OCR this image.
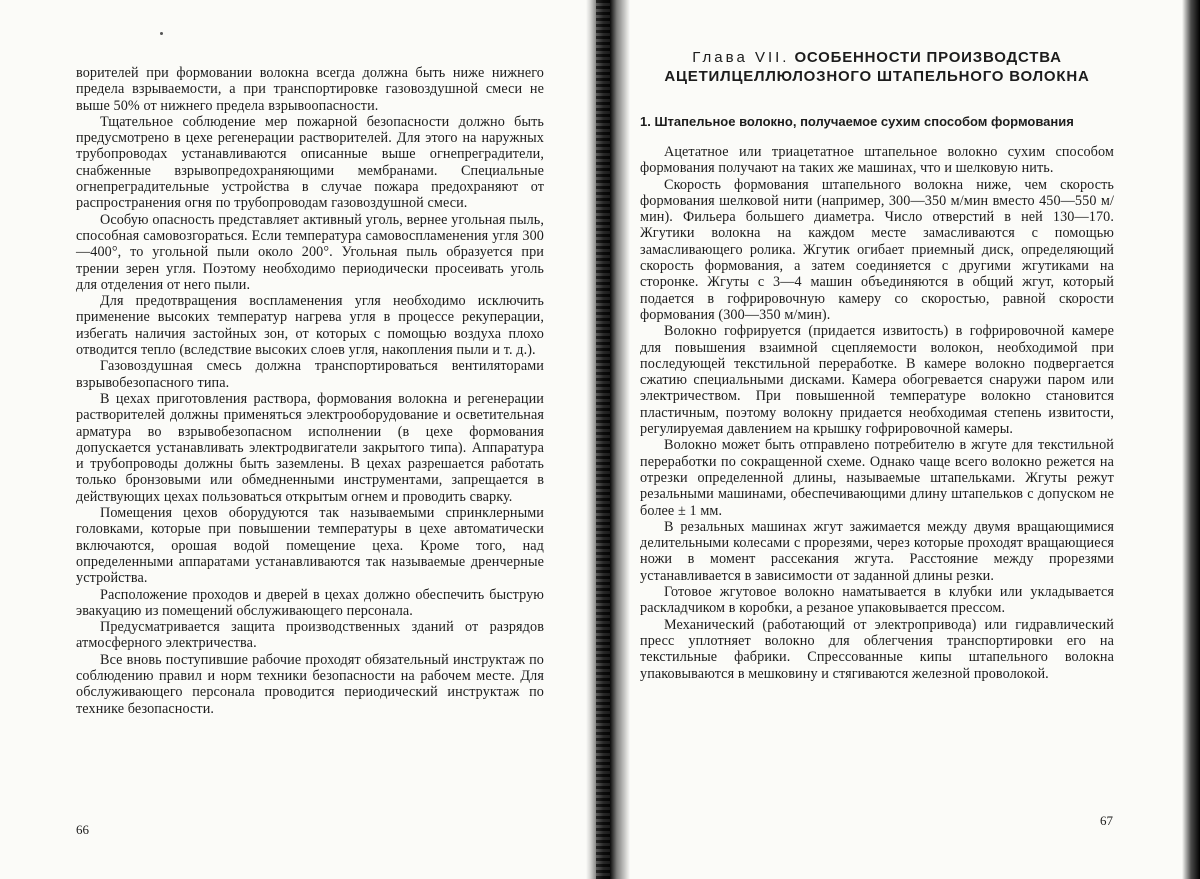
ворителей при формовании волокна всегда должна быть ниже нижнего предела взрываемости, а при транспортировке газовоздушной смеси не выше 50% от нижнего предела взрывоопасности.

Тщательное соблюдение мер пожарной безопасности должно быть предусмотрено в цехе регенерации растворителей. Для этого на наружных трубопроводах устанавливаются описанные выше огнепреградители, снабженные взрывопредохраняющими мембранами. Специальные огнепреградительные устройства в случае пожара предохраняют от распространения огня по трубопроводам газовоздушной смеси.

Особую опасность представляет активный уголь, вернее угольная пыль, способная самовозгораться. Если температура самовоспламенения угля 300—400°, то угольной пыли около 200°. Угольная пыль образуется при трении зерен угля. Поэтому необходимо периодически просеивать уголь для отделения от него пыли.

Для предотвращения воспламенения угля необходимо исключить применение высоких температур нагрева угля в процессе рекуперации, избегать наличия застойных зон, от которых с помощью воздуха плохо отводится тепло (вследствие высоких слоев угля, накопления пыли и т. д.).

Газовоздушная смесь должна транспортироваться вентиляторами взрывобезопасного типа.

В цехах приготовления раствора, формования волокна и регенерации растворителей должны применяться электрооборудование и осветительная арматура во взрывобезопасном исполнении (в цехе формования допускается устанавливать электродвигатели закрытого типа). Аппаратура и трубопроводы должны быть заземлены. В цехах разрешается работать только бронзовыми или обмедненными инструментами, запрещается в действующих цехах пользоваться открытым огнем и проводить сварку.

Помещения цехов оборудуются так называемыми спринклерными головками, которые при повышении температуры в цехе автоматически включаются, орошая водой помещение цеха. Кроме того, над определенными аппаратами устанавливаются так называемые дренчерные устройства.

Расположение проходов и дверей в цехах должно обеспечить быструю эвакуацию из помещений обслуживающего персонала.

Предусматривается защита производственных зданий от разрядов атмосферного электричества.

Все вновь поступившие рабочие проходят обязательный инструктаж по соблюдению правил и норм техники безопасности на рабочем месте. Для обслуживающего персонала проводится периодический инструктаж по технике безопасности.

66
Глава VII. ОСОБЕННОСТИ ПРОИЗВОДСТВА
АЦЕТИЛЦЕЛЛЮЛОЗНОГО ШТАПЕЛЬНОГО ВОЛОКНА
1. Штапельное волокно, получаемое сухим способом формования

Ацетатное или триацетатное штапельное волокно сухим способом формования получают на таких же машинах, что и шелковую нить.

Скорость формования штапельного волокна ниже, чем скорость формования шелковой нити (например, 300—350 м/мин вместо 450—550 м/мин). Фильера большего диаметра. Число отверстий в ней 130—170. Жгутики волокна на каждом месте замасливаются с помощью замасливающего ролика. Жгутик огибает приемный диск, определяющий скорость формования, а затем соединяется с другими жгутиками на сторонке. Жгуты с 3—4 машин объединяются в общий жгут, который подается в гофрировочную камеру со скоростью, равной скорости формования (300—350 м/мин).

Волокно гофрируется (придается извитость) в гофрировочной камере для повышения взаимной сцепляемости волокон, необходимой при последующей текстильной переработке. В камере волокно подвергается сжатию специальными дисками. Камера обогревается снаружи паром или электричеством. При повышенной температуре волокно становится пластичным, поэтому волокну придается необходимая степень извитости, регулируемая давлением на крышку гофрировочной камеры.

Волокно может быть отправлено потребителю в жгуте для текстильной переработки по сокращенной схеме. Однако чаще всего волокно режется на отрезки определенной длины, называемые штапельками. Жгуты режут резальными машинами, обеспечивающими длину штапельков с допуском не более ± 1 мм.

В резальных машинах жгут зажимается между двумя вращающимися делительными колесами с прорезями, через которые проходят вращающиеся ножи в момент рассекания жгута. Расстояние между прорезями устанавливается в зависимости от заданной длины резки.

Готовое жгутовое волокно наматывается в клубки или укладывается раскладчиком в коробки, а резаное упаковывается прессом.

Механический (работающий от электропривода) или гидравлический пресс уплотняет волокно для облегчения транспортировки его на текстильные фабрики. Спрессованные кипы штапельного волокна упаковываются в мешковину и стягиваются железной проволокой.

67
